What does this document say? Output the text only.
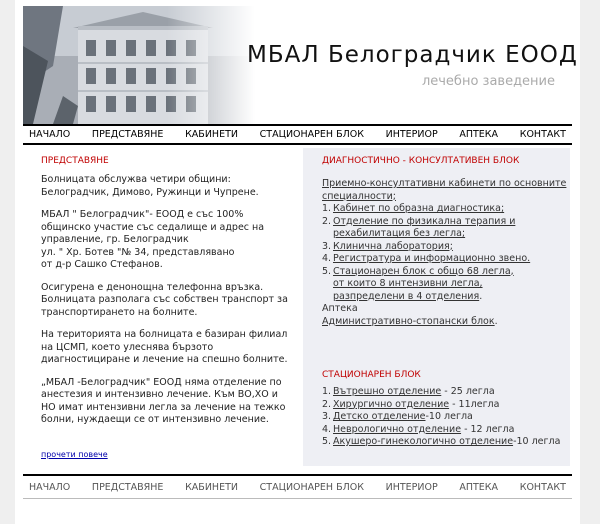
МБАЛ Белоградчик ЕООД
лечебно заведение
НАЧАЛО	ПРЕДСТАВЯНЕ	КАБИНЕТИ	СТАЦИОНАРЕН БЛОК	ИНТЕРИОР	АПТЕКА	КОНТАКТ
ПРЕДСТАВЯНЕ

Болницата обслужва четири общини: Белоградчик, Димово, Ружинци и Чупрене.

МБАЛ " Белоградчик"- ЕООД е със 100% общинско участие със седалище и адрес на управление, гр. Белоградчик
ул. " Хр. Ботев "№ 34, представлявано
от д-р Сашко Стефанов.

Осигурена е денонощна телефонна връзка. Болницата разполага със собствен транспорт за транспортирането на болните.

На територията на болницата е базиран филиал на ЦСМП, което улеснява бързото диагностициране и лечение на спешно болните.

„МБАЛ -Белоградчик" ЕООД няма отделение по анестезия и интензивно лечение. Към ВО,ХО и НО имат интензивни легла за лечение на тежко болни, нуждаещи се от интензивно лечение.

прочети повече
ДИАГНОСТИЧНО - КОНСУЛТАТИВЕН БЛОК
Приемно-консултативни кабинети по основните специалности;
1. Кабинет по образна диагностика;
2. Отделение по физикална терапия и рехабилитация без легла;
3. Клинична лаборатория;
4. Регистратура и информационно звено.
5. Стационарен блок с общо 68 легла,
от които 8 интензивни легла,
разпределени в 4 отделения.
Аптека
Административно-стопански блок.
СТАЦИОНАРЕН БЛОК
1. Вътрешно отделение - 25 легла
2. Хирургично отделение - 11легла
3. Детско отделение-10 легла
4. Неврологично отделение - 12 легла
5. Акушеро-гинекологично отделение-10 легла
НАЧАЛО	ПРЕДСТАВЯНЕ	КАБИНЕТИ	СТАЦИОНАРЕН БЛОК	ИНТЕРИОР	АПТЕКА	КОНТАКТ
